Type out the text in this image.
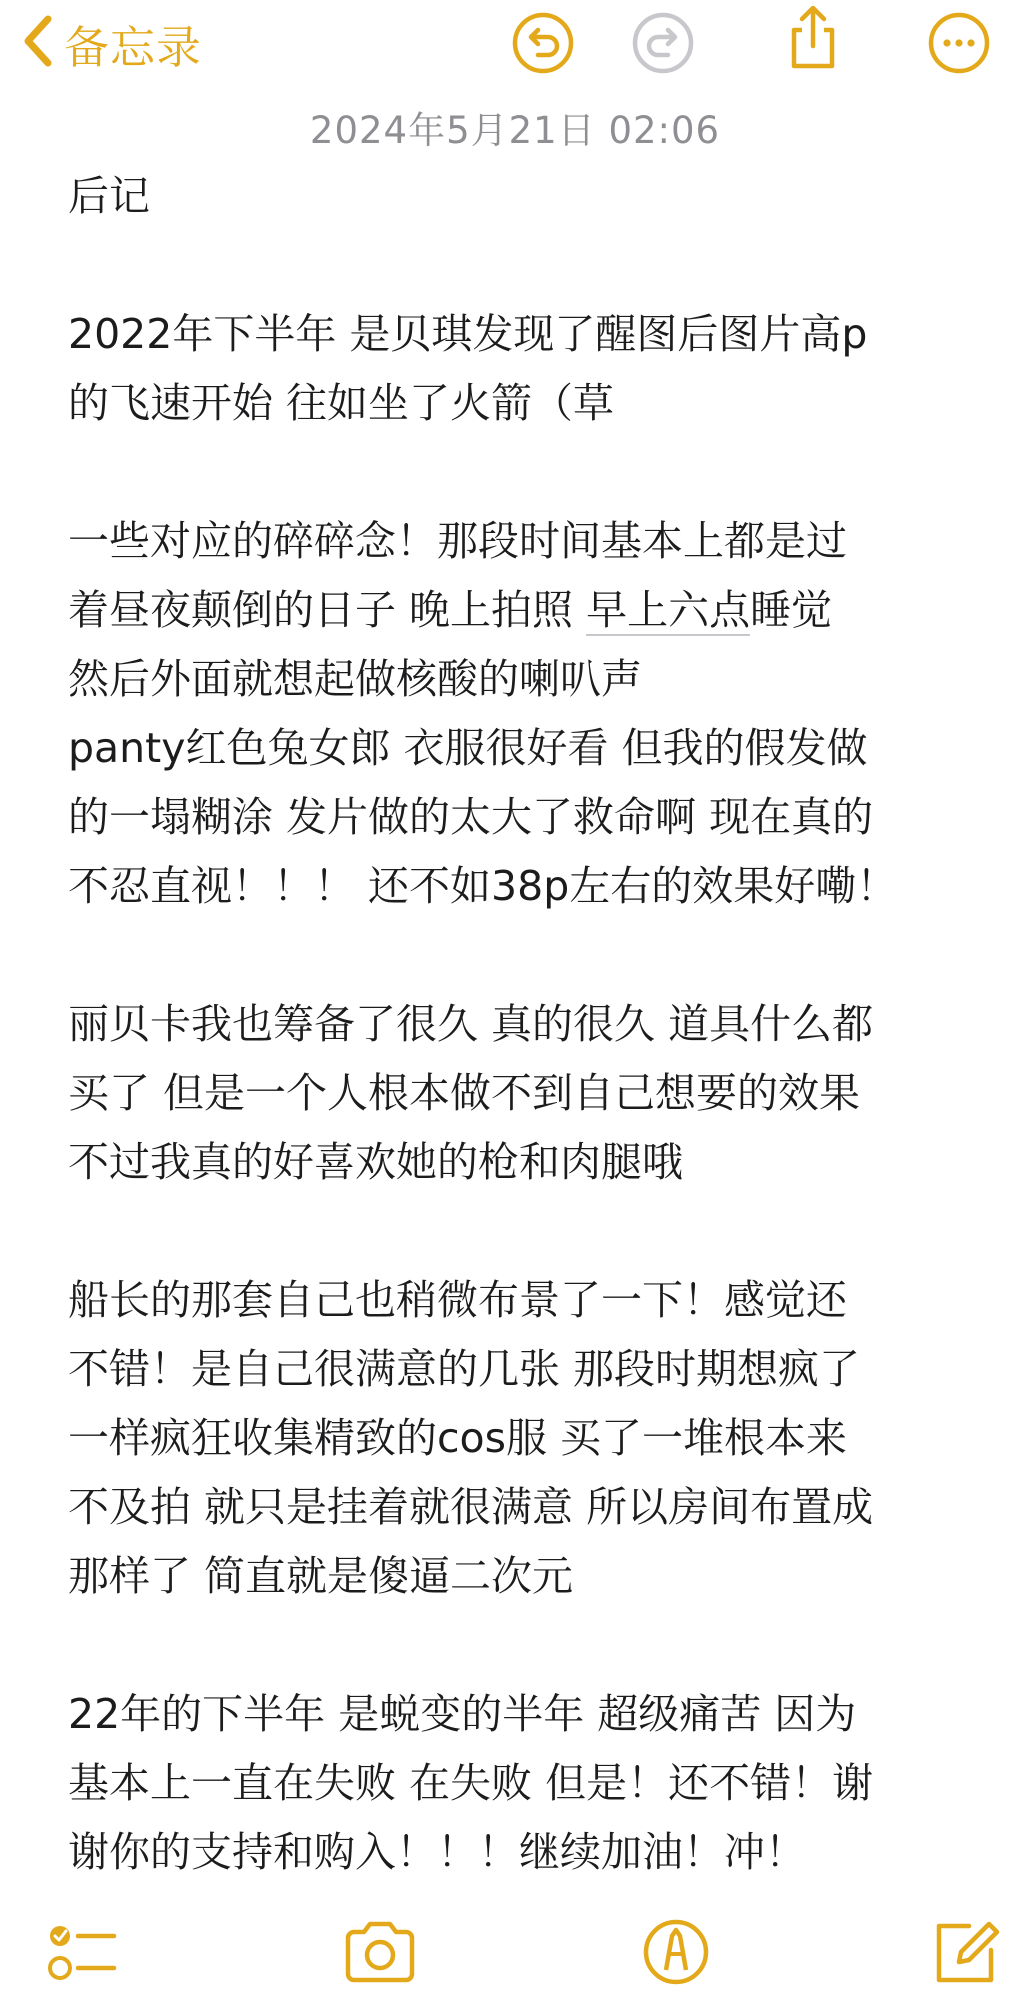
备忘录
2024年5月21日 02:06
后记
2022年下半年 是贝琪发现了醒图后图片高p
的飞速开始 往如坐了火箭（草
一些对应的碎碎念！那段时间基本上都是过
着昼夜颠倒的日子 晚上拍照 早上六点睡觉
然后外面就想起做核酸的喇叭声
panty红色兔女郎 衣服很好看 但我的假发做
的一塌糊涂 发片做的太大了救命啊 现在真的
不忍直视！！！ 还不如38p左右的效果好嘞！
丽贝卡我也筹备了很久 真的很久 道具什么都
买了 但是一个人根本做不到自己想要的效果
不过我真的好喜欢她的枪和肉腿哦
船长的那套自己也稍微布景了一下！感觉还
不错！是自己很满意的几张 那段时期想疯了
一样疯狂收集精致的cos服 买了一堆根本来
不及拍 就只是挂着就很满意 所以房间布置成
那样了 简直就是傻逼二次元
22年的下半年 是蜕变的半年 超级痛苦 因为
基本上一直在失败 在失败 但是！还不错！谢
谢你的支持和购入！！！继续加油！冲！
